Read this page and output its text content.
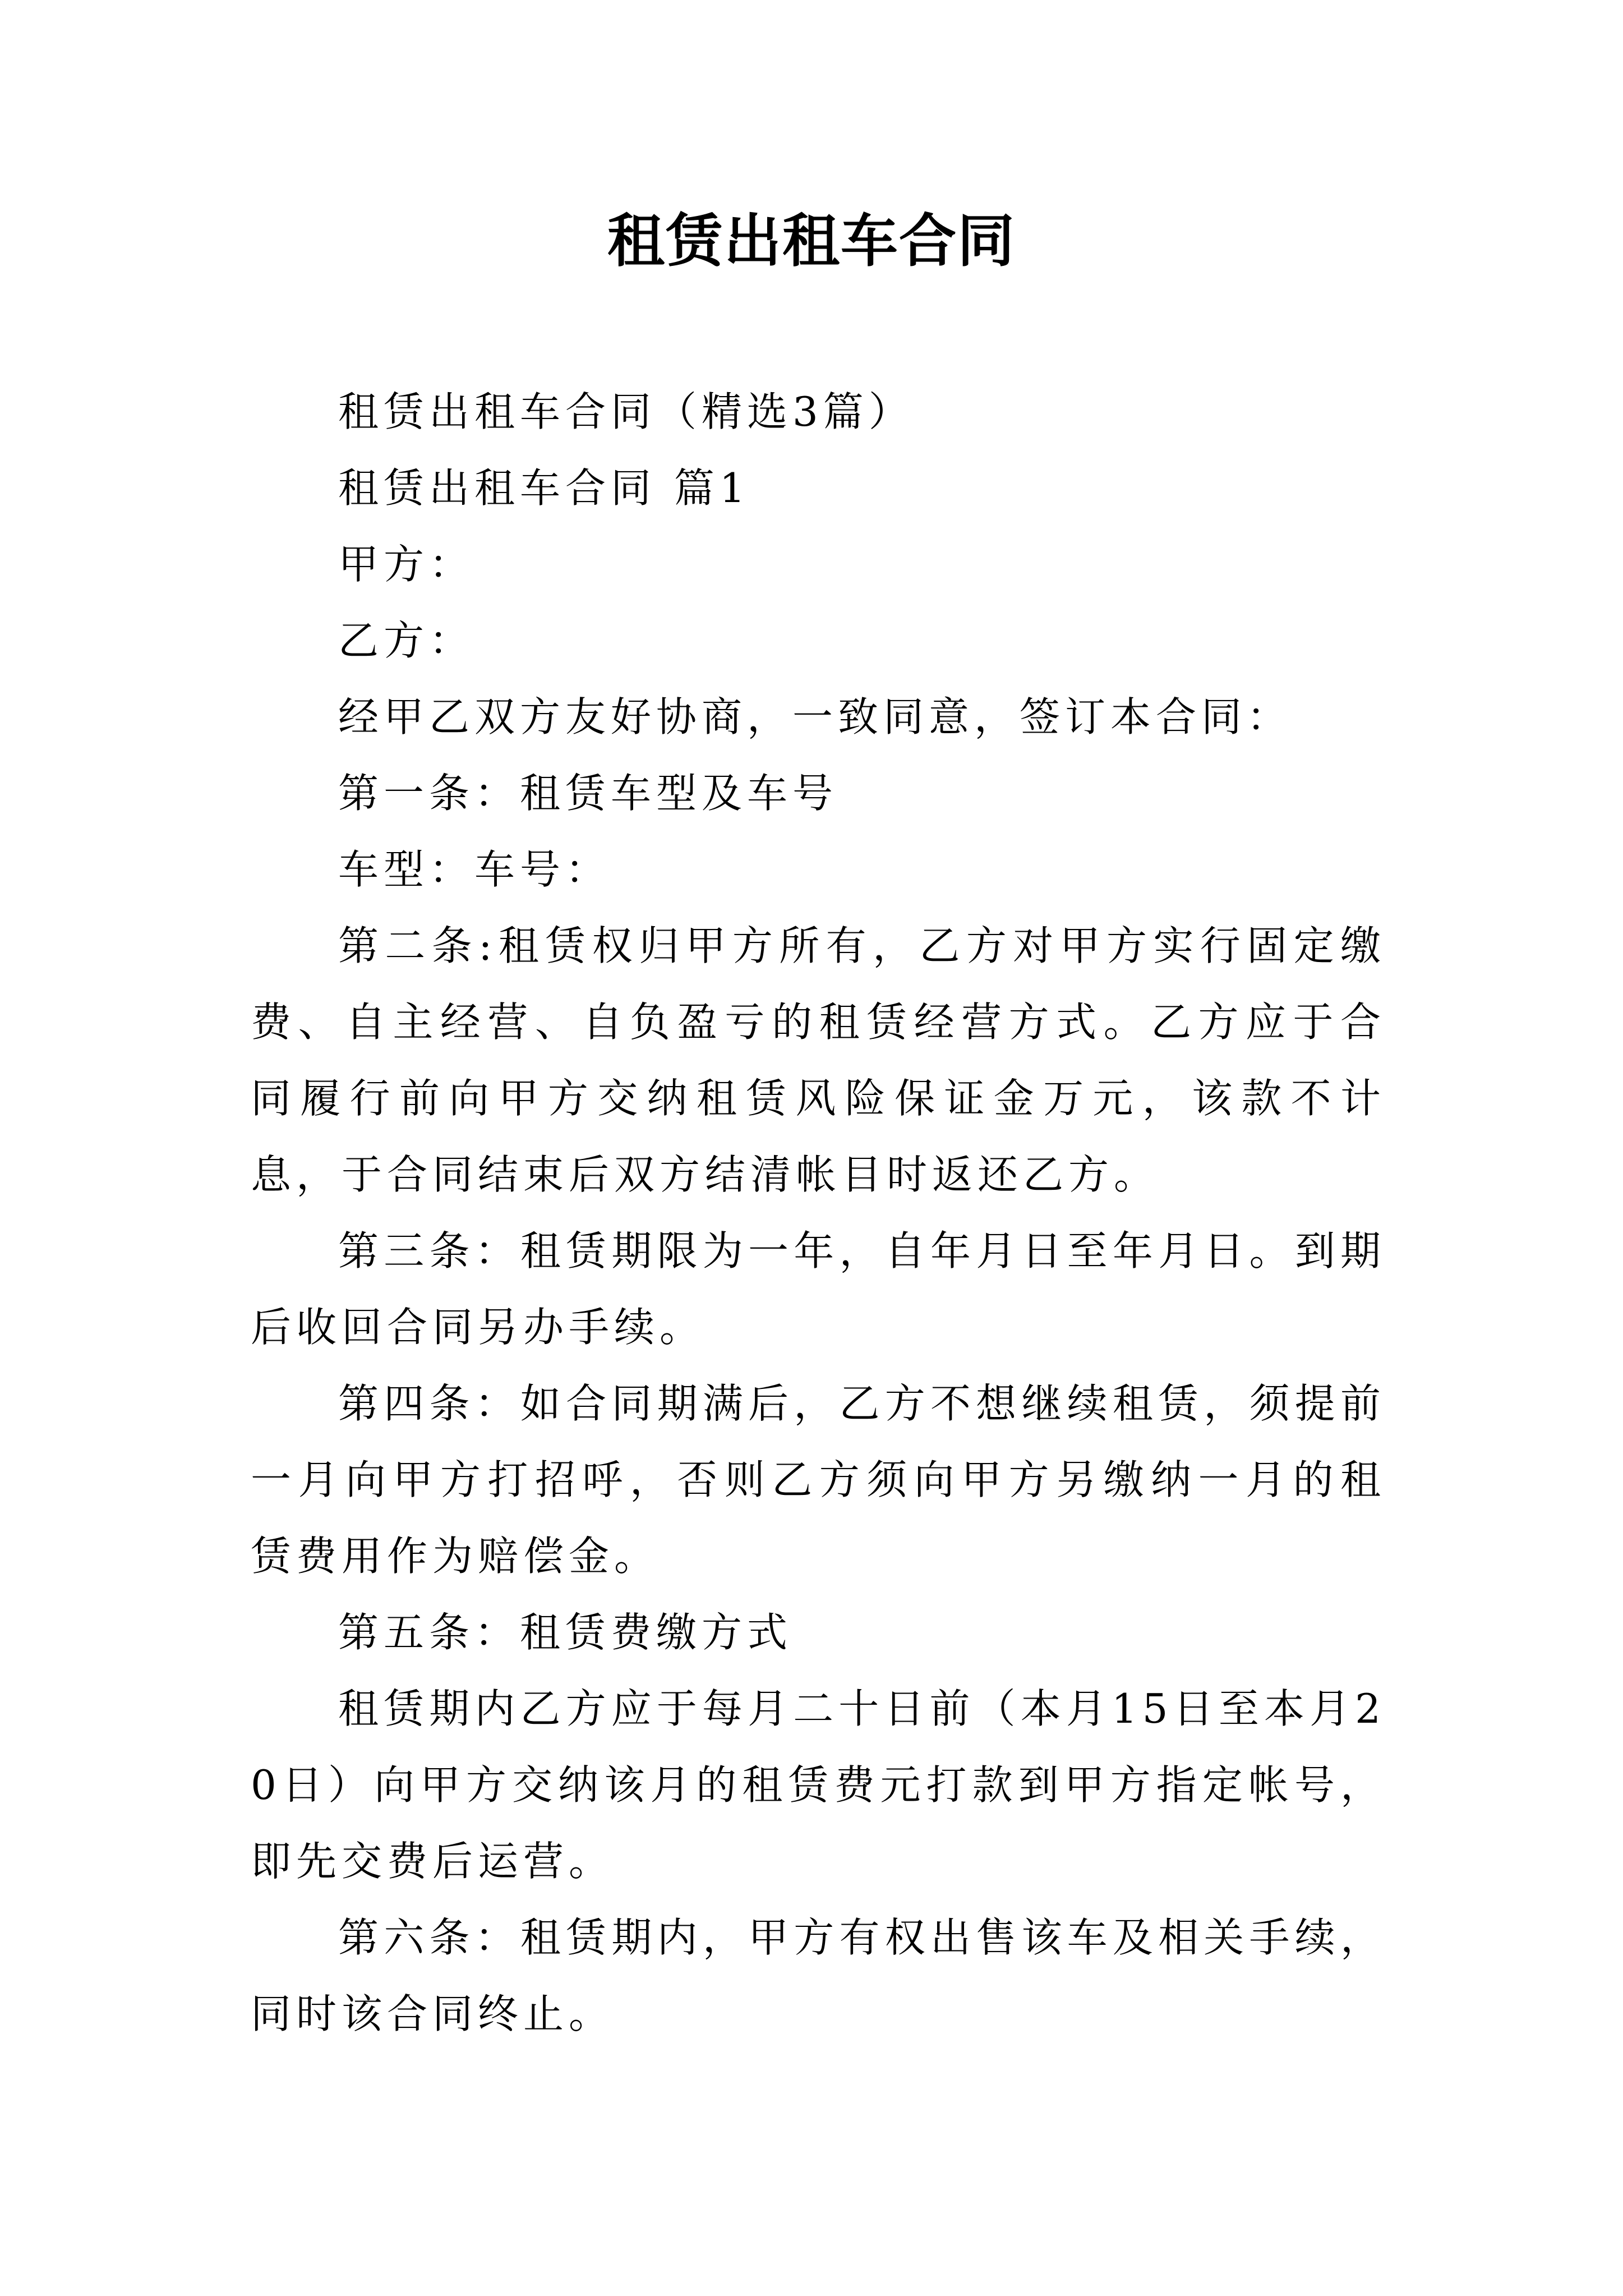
租赁出租车合同

租赁出租车合同（精选3篇）

租赁出租车合同 篇1

甲方：

乙方：

经甲乙双方友好协商，一致同意，签订本合同：

第一条：租赁车型及车号

车型：车号：

第二条:租赁权归甲方所有，乙方对甲方实行固定缴费、自主经营、自负盈亏的租赁经营方式。乙方应于合同履行前向甲方交纳租赁风险保证金万元，该款不计息，于合同结束后双方结清帐目时返还乙方。

第三条：租赁期限为一年，自年月日至年月日。到期后收回合同另办手续。

第四条：如合同期满后，乙方不想继续租赁，须提前一月向甲方打招呼，否则乙方须向甲方另缴纳一月的租赁费用作为赔偿金。

第五条：租赁费缴方式

租赁期内乙方应于每月二十日前（本月15日至本月20日）向甲方交纳该月的租赁费元打款到甲方指定帐号，即先交费后运营。

第六条：租赁期内，甲方有权出售该车及相关手续，同时该合同终止。
